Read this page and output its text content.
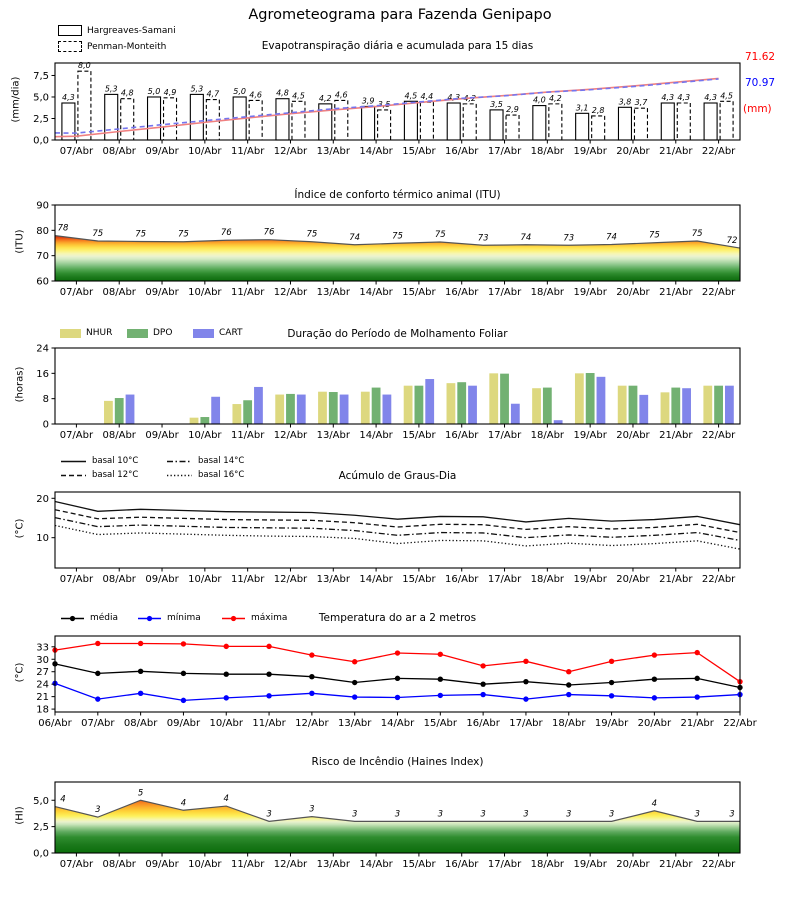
4,3
5,3	5,0	5,3	5,0	4,8
4,2	3,9
4,5	4,3
3,5	4,0
3,1
3,8	4,3	4,3
8,0
4,8	4,9	4,7	4,6	4,5	4,6
3,5
4,4	4,2
2,9
4,2
2,8
3,7
4,3	4,5
07/Abr 08/Abr 09/Abr 10/Abr 11/Abr 12/Abr 13/Abr 14/Abr 15/Abr 16/Abr 17/Abr 18/Abr 19/Abr 20/Abr 21/Abr 22/Abr
0,0
2,5
5,0
7,5
78
75	75	75	76	76	75	74	75	75	73	74	73	74	75	75
72
07/Abr 08/Abr 09/Abr 10/Abr 11/Abr 12/Abr 13/Abr 14/Abr 15/Abr 16/Abr 17/Abr 18/Abr 19/Abr 20/Abr 21/Abr 22/Abr
60
70
80
90
07/Abr 08/Abr 09/Abr 10/Abr 11/Abr 12/Abr 13/Abr 14/Abr 15/Abr 16/Abr 17/Abr 18/Abr 19/Abr 20/Abr 21/Abr 22/Abr
0
8
16
24
07/Abr 08/Abr 09/Abr 10/Abr 11/Abr 12/Abr 13/Abr 14/Abr 15/Abr 16/Abr 17/Abr 18/Abr 19/Abr 20/Abr 21/Abr 22/Abr
10
20
06/Abr 07/Abr 08/Abr 09/Abr 10/Abr 11/Abr 12/Abr 13/Abr 14/Abr 15/Abr 16/Abr 17/Abr 18/Abr 19/Abr 20/Abr 21/Abr 22/Abr
18
21
24
27
30
33
4
3
5
4	4
3	3	3	3	3	3	3	3	3
4
3	3
07/Abr 08/Abr 09/Abr 10/Abr 11/Abr 12/Abr 13/Abr 14/Abr 15/Abr 16/Abr 17/Abr 18/Abr 19/Abr 20/Abr 21/Abr 22/Abr
0,0
2,5
5,0
Agrometeograma para Fazenda Genipapo
Hargreaves-Samani
Penman-Monteith	Evapotranspiração diária e acumulada para 15 dias
(mm/dia)
71.62
70.97
(mm)
Índice de conforto térmico animal (ITU)
(ITU)
NHUR	DPO	CART	Duração do Período de Molhamento Foliar
(horas)
basal 10°C
basal 12°C
basal 14°C
basal 16°C	Acúmulo de Graus-Dia
(°C)
média	mínima	máxima	Temperatura do ar a 2 metros
(°C)
Risco de Incêndio (Haines Index)
(HI)
